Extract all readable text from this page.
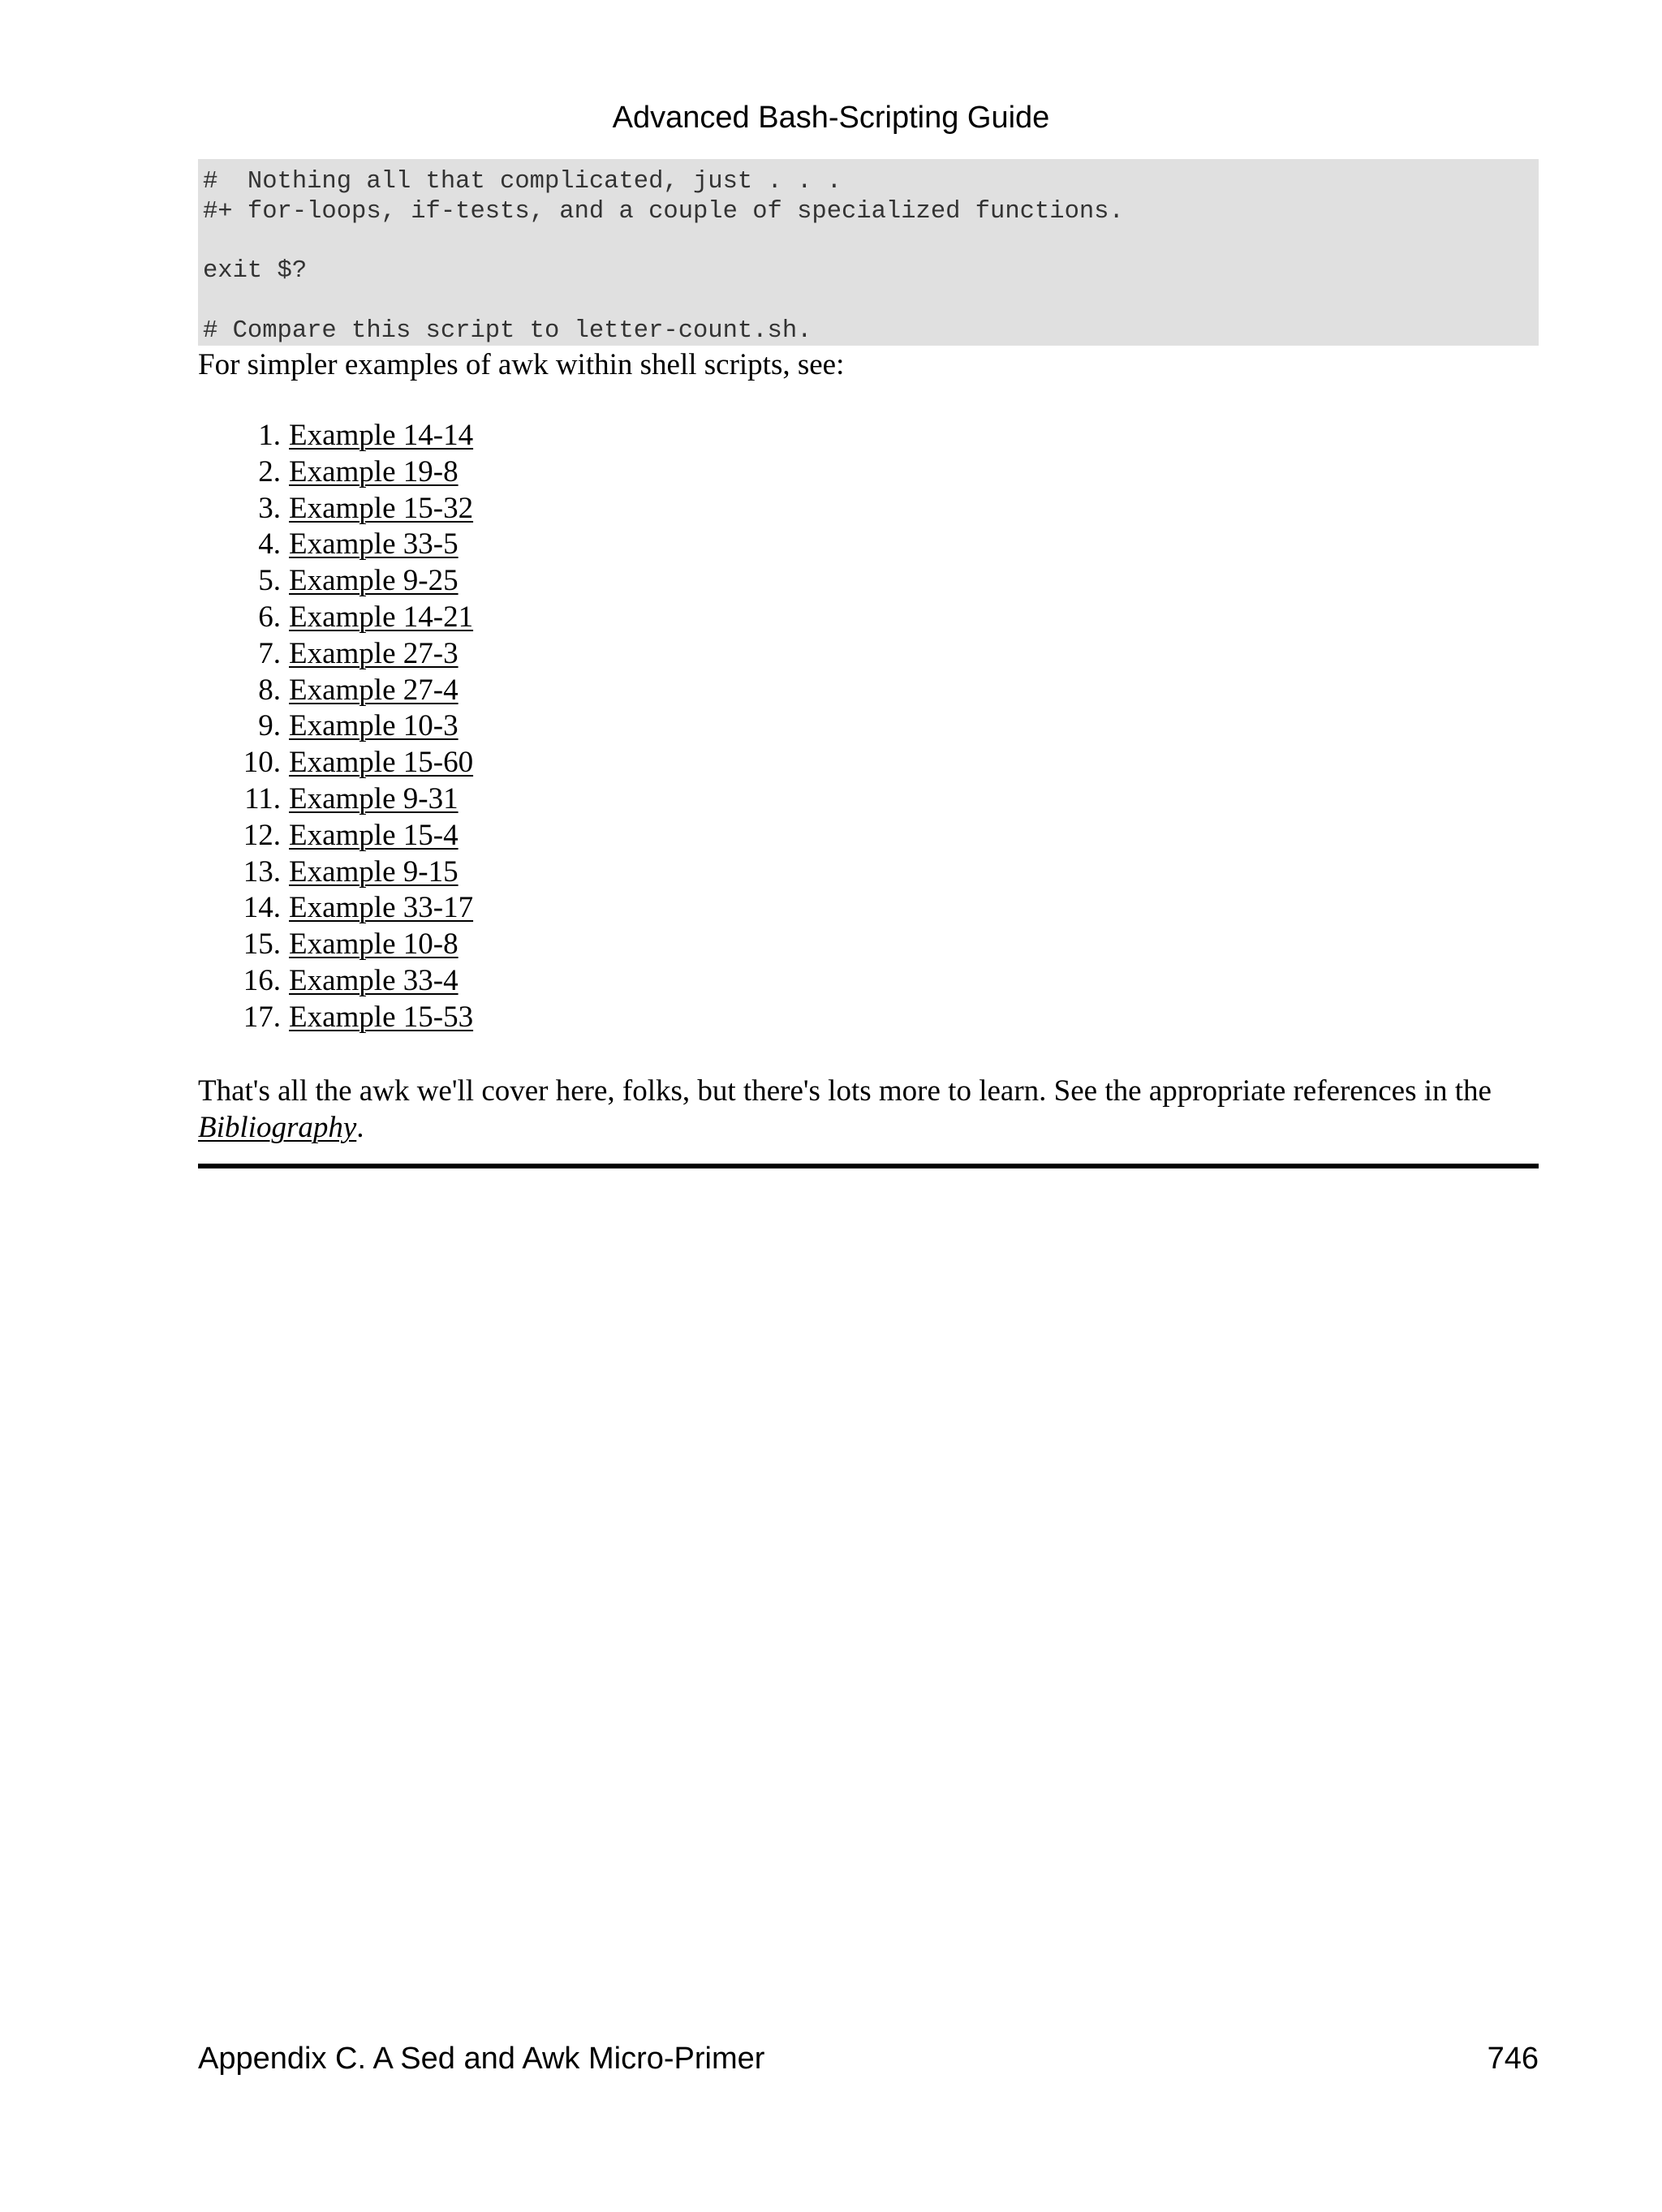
Advanced Bash-Scripting Guide
#  Nothing all that complicated, just . . .
#+ for-loops, if-tests, and a couple of specialized functions.

exit $?

# Compare this script to letter-count.sh.

For simpler examples of awk within shell scripts, see:

1. Example 14-14
2. Example 19-8
3. Example 15-32
4. Example 33-5
5. Example 9-25
6. Example 14-21
7. Example 27-3
8. Example 27-4
9. Example 10-3
10. Example 15-60
11. Example 9-31
12. Example 15-4
13. Example 9-15
14. Example 33-17
15. Example 10-8
16. Example 33-4
17. Example 15-53

That's all the awk we'll cover here, folks, but there's lots more to learn. See the appropriate references in the Bibliography.

Appendix C. A Sed and Awk Micro-Primer	746
